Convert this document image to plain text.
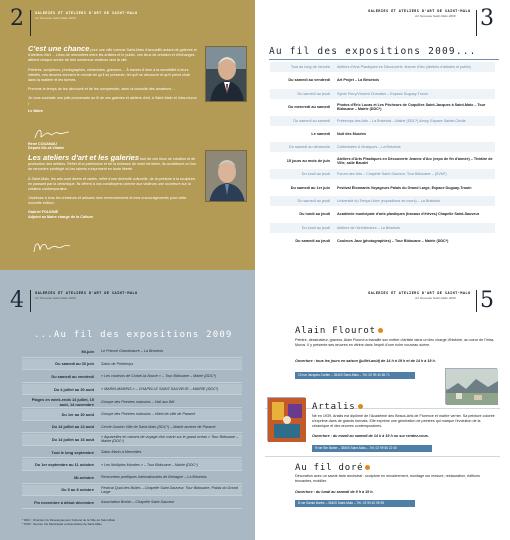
2	GALERIES ET ATELIERS D'ART DE SAINT-MALO
Art Nouveau Saint-Malo 2009
C'est une chance pour une ville comme Saint-Malo d'accueillir autant de galeries et d'ateliers d'art ... Lieux de rencontres entre les artistes et le public, ces lieux de création et d'échanges attirent chaque année de très nombreux visiteurs vers la cité.
Peintres, sculpteurs, photographes, céramistes, graveurs ... À travers 8 bien à la sensibilité à leurs intérêts, ces œuvres donnent le monde tel qu'il se présente, tel qu'il se découvre et qu'il prend chair dans la matière et les formes.
Prenons le temps de les découvrir et de les comprendre, avec la curiosité des amateurs ...
Je vous souhaite une jolie promenade au fil de ces galeries et ateliers d'art, à Saint-Malo et Intra-muros !
Le Maire
René COUANAU
Député Ille-et-Vilaine
Les ateliers d'art et les galeries font de ces lieux de création et de production des artistes. Reflet d'un patrimoine et de la richesse de notre territoire, ils constituent un lieu de rencontre privilégié où les talents s'expriment en toute liberté.
À Saint-Malo, les arts sont divers et variés, reflet d'une diversité culturelle, de la peinture à la sculpture, en passant par la céramique. Ils offrent à nos concitoyens comme aux visiteurs une ouverture sur la création contemporaine.
J'adresse à tous les créateurs et artisans mes remerciements et mes encouragements pour cette nouvelle édition.
Gabriel FOLIGNÉ
Adjoint au Maire chargé de la Culture
GALERIES ET ATELIERS D'ART DE SAINT-MALO
Art Nouveau Saint-Malo 2009 3
Au fil des expositions 2009...
Tout au long de l'année	Ateliers d'Arts Plastiques en Découverte Jeanne d'Arc (ateliers d'artistes et public)
Du samedi au vendredi	Art Projet – La Brisetois
Du samedi au jeudi	Sylvie Ferry/Vincent Chevalier – Espace Duguay-Trouin
Du mercredi au samedi	Photos d'Eric Lucas et Les Pêcheurs de Coquilles Saint-Jacques à Saint-Malo – Tour Bidouane – Mairie (DDC*)
Du samedi au samedi	Printemps des Arts – La Brisetois – Mairie (DDC*) Amoy, Espace Sainte-Cécile
Le samedi	Nuit des Musées
Du samedi au dimanche	Cathédrales & Musiques – La Brisetois
15 jours au mois de juin	Ateliers d'Arts Plastiques en Découverte Jeanne d'Arc (expo de fin d'année) – Théâtre de Ville, salle Baudel
Du lundi au jeudi	Forum des Arts – Chapelle Saint-Sauveur, Tour Bidouane – (SVM*)
Du samedi au 1er juin	Festival Étonnants Voyageurs Palais du Grand Large, Espace Duguay-Trouin
Du samedi au jeudi	Université du Temps Libre (expositions de cours) – La Brisetois
Du lundi au jeudi	Académie municipale d'arts plastiques (travaux d'élèves) Chapelle Saint-Sauveur
Du lundi au jeudi	Ateliers de l'Architecture – La Brisetois
Du samedi au jeudi	Couleurs Jazz (photographies) – Tour Bidouane – Mairie (DDC*)
4	GALERIES ET ATELIERS D'ART DE SAINT-MALO
Art Nouveau Saint-Malo 2009
...Au fil des expositions 2009
* DDC : Direction du Développement Culturel de la Ville de Saint-Malo
* SVM : Service Vie Municipale et Associative de Saint-Malo
Mi-juin	Le Prieuré Grandnature – La Brisetois
Du samedi au 30 juin	Salon de Printemps
Du samedi au vendredi	« Les couleurs de Corbel-la-Nouve » – Tour Bidouane – Mairie (DDC*)
Du 4 juillet au 30 août	« MARIN-MARINS » – CHAPELLE SAINT-SAUVEUR – MAIRIE (DDC*)
Plages en week-ends 14 juillet, 15 août, 14 novembre	Groupe des Peintres malouins – Hall aux Blé
Du 1er au 30 août	Groupe des Peintres malouins – Hôtel-de-ville de Paramé
Du 14 juillet au 13 août	Cercle Gaston Ville de Saint-Malo (DDC*) – Mairie annexe de Paramé
Du 14 juillet au 16 août	« Aquarelles en canons de voyage d'un marin sur le grand océan » Tour Bidouane – Mairie (DDC*)
Tout le long septembre	Salon Marin à Merveilles
Du 1er septembre au 11 octobre	« Les Multiples Mondes » – Tour Bidouane – Mairie (DDC*)
Mi-octobre	Rencontres poétiques Internationales de Bretagne – La Brisetois
Du 5 au 8 octobre	Festival Quai des Bulles – Chapelle Saint-Sauveur, Tour Bidouane, Palais du Grand Large
Fin novembre à début décembre	Association Breizh – Chapelle Saint-Sauveur
GALERIES ET ATELIERS D'ART DE SAINT-MALO
Art Nouveau Saint-Malo 2009 5
Alain Flourot
Peintre, dessinateur, graveur, Alain Flourot a travaillé son métier d'artiste dans un lieu chargé d'histoire, au cœur de l'Intra-Muros. Il y présente ses œuvres en vitrine dans l'esprit d'une riche nouveau scène.
Ouverture : tous les jours en saison (juillet-août) de 14 h à 19 h et de 14 h à 19 h.
13 rue Jacques Cartier – 35400 Saint-Malo – Tél. 02 99 40 85 71
Artalis
Né en 1939, Artalis est diplômé de l'Académie des Beaux-Arts de Florence et maître verrier. Sa peinture colorée s'exprime dans de grands formats. Elle exprime une génération de peintres qui marque l'évolution de la céramique et des œuvres contemporaines.
Ouverture : du mardi au samedi de 14 h à 19 h ou sur rendez-vous.
9 rue Ste Barbe – 35400 Saint-Malo – Tél. 02 99 56 22 40
Au fil doré
Décoration avec un savoir-faire ancestral : sculpture en encadrement, montage sur mesure, restauration, éditions brocantes, mobilier.
Ouverture : du lundi au samedi de 9 h à 19 h.
8 rue Sainte Barbe – 35400 Saint-Malo – Tél. 02 99 40 95 95
